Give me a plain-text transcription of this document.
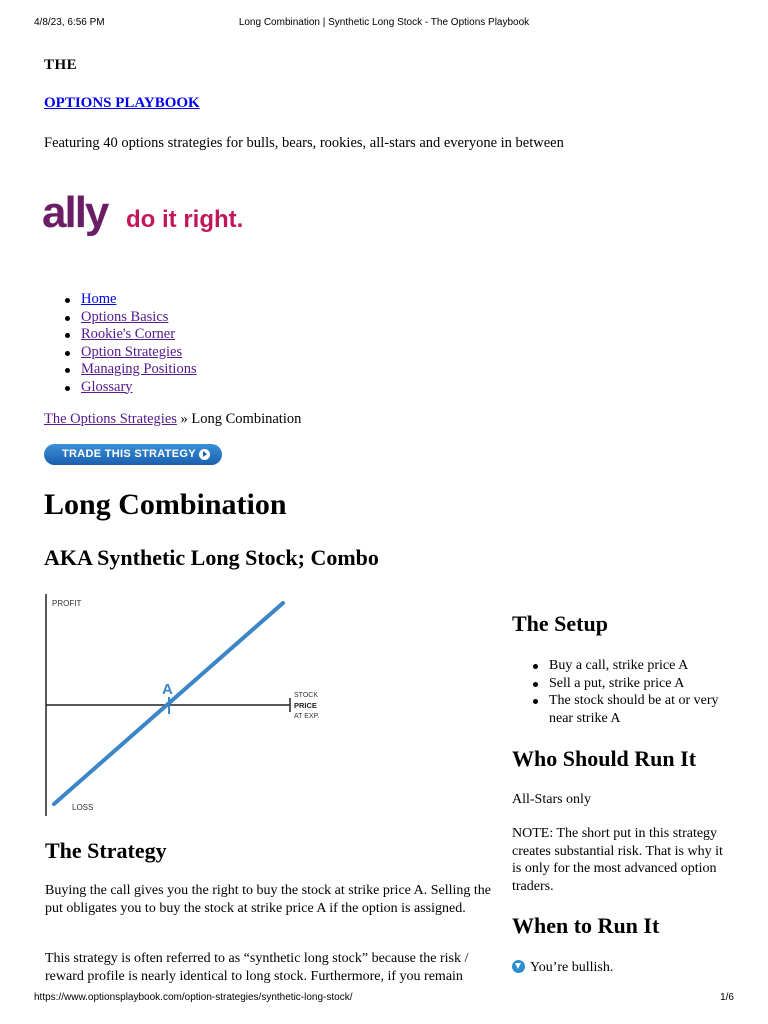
4/8/23, 6:56 PM	Long Combination | Synthetic Long Stock - The Options Playbook
THE
OPTIONS PLAYBOOK
Featuring 40 options strategies for bulls, bears, rookies, all-stars and everyone in between
ally do it right.
Home
Options Basics
Rookie's Corner
Option Strategies
Managing Positions
Glossary
The Options Strategies » Long Combination
TRADE THIS STRATEGY
Long Combination
AKA Synthetic Long Stock; Combo
PROFIT
LOSS
STOCK
PRICE
AT EXP.
A
The Strategy
Buying the call gives you the right to buy the stock at strike price A. Selling the put obligates you to buy the stock at strike price A if the option is assigned.
This strategy is often referred to as “synthetic long stock” because the risk / reward profile is nearly identical to long stock. Furthermore, if you remain
The Setup
Buy a call, strike price A
Sell a put, strike price A
The stock should be at or very near strike A
Who Should Run It
All-Stars only
NOTE: The short put in this strategy creates substantial risk. That is why it is only for the most advanced option traders.
When to Run It
You’re bullish.
https://www.optionsplaybook.com/option-strategies/synthetic-long-stock/	1/6
